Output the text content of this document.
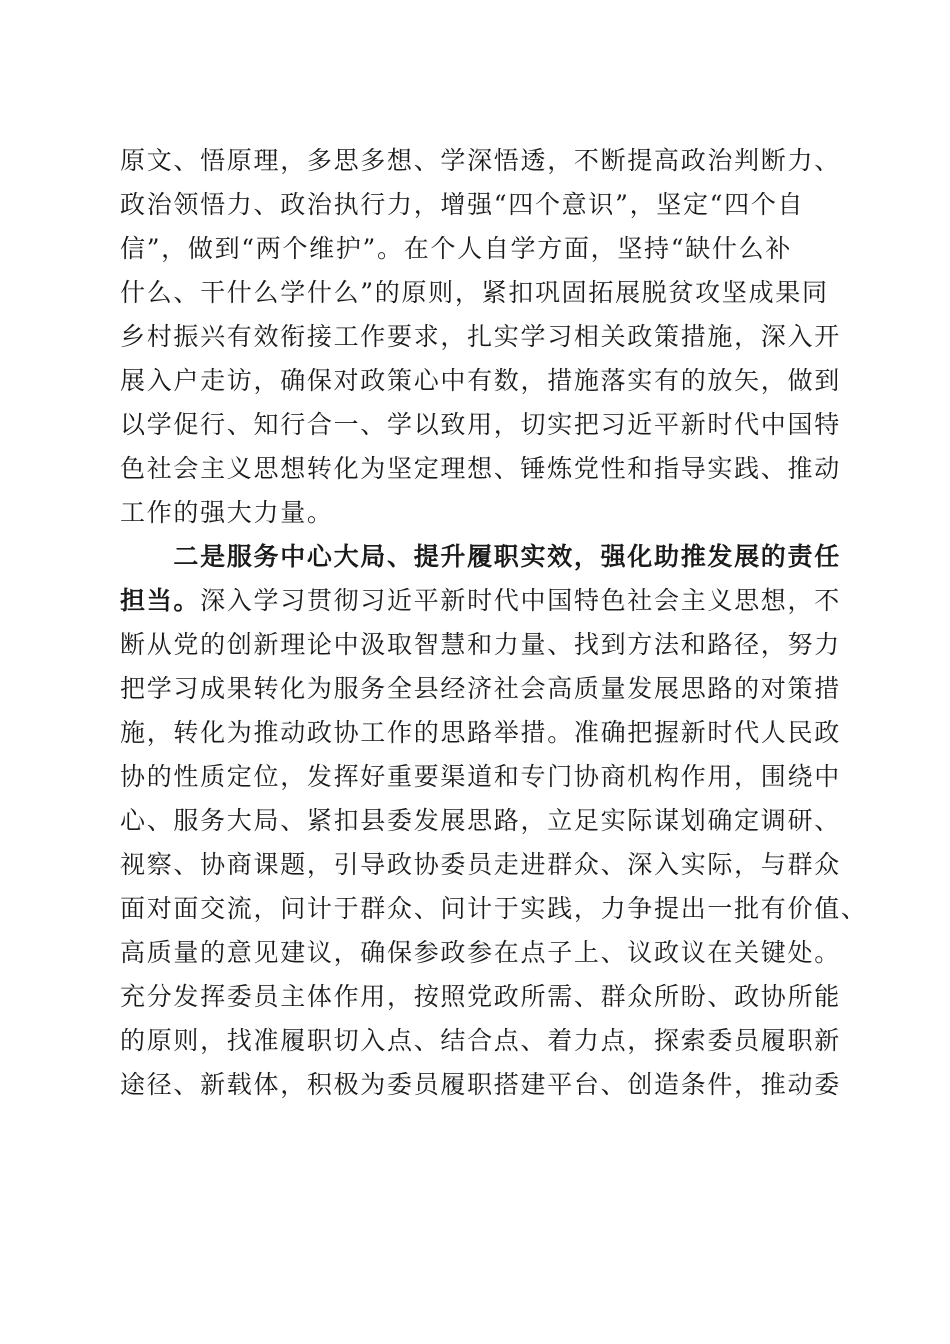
原文、悟原理，多思多想、学深悟透，不断提高政治判断力、
政治领悟力、政治执行力，增强“四个意识”，坚定“四个自
信”，做到“两个维护”。在个人自学方面，坚持“缺什么补
什么、干什么学什么”的原则，紧扣巩固拓展脱贫攻坚成果同
乡村振兴有效衔接工作要求，扎实学习相关政策措施，深入开
展入户走访，确保对政策心中有数，措施落实有的放矢，做到
以学促行、知行合一、学以致用，切实把习近平新时代中国特
色社会主义思想转化为坚定理想、锤炼党性和指导实践、推动
工作的强大力量。
　　二是服务中心大局、提升履职实效，强化助推发展的责任
担当。深入学习贯彻习近平新时代中国特色社会主义思想，不
断从党的创新理论中汲取智慧和力量、找到方法和路径，努力
把学习成果转化为服务全县经济社会高质量发展思路的对策措
施，转化为推动政协工作的思路举措。准确把握新时代人民政
协的性质定位，发挥好重要渠道和专门协商机构作用，围绕中
心、服务大局、紧扣县委发展思路，立足实际谋划确定调研、
视察、协商课题，引导政协委员走进群众、深入实际，与群众
面对面交流，问计于群众、问计于实践，力争提出一批有价值、
高质量的意见建议，确保参政参在点子上、议政议在关键处。
充分发挥委员主体作用，按照党政所需、群众所盼、政协所能
的原则，找准履职切入点、结合点、着力点，探索委员履职新
途径、新载体，积极为委员履职搭建平台、创造条件，推动委
